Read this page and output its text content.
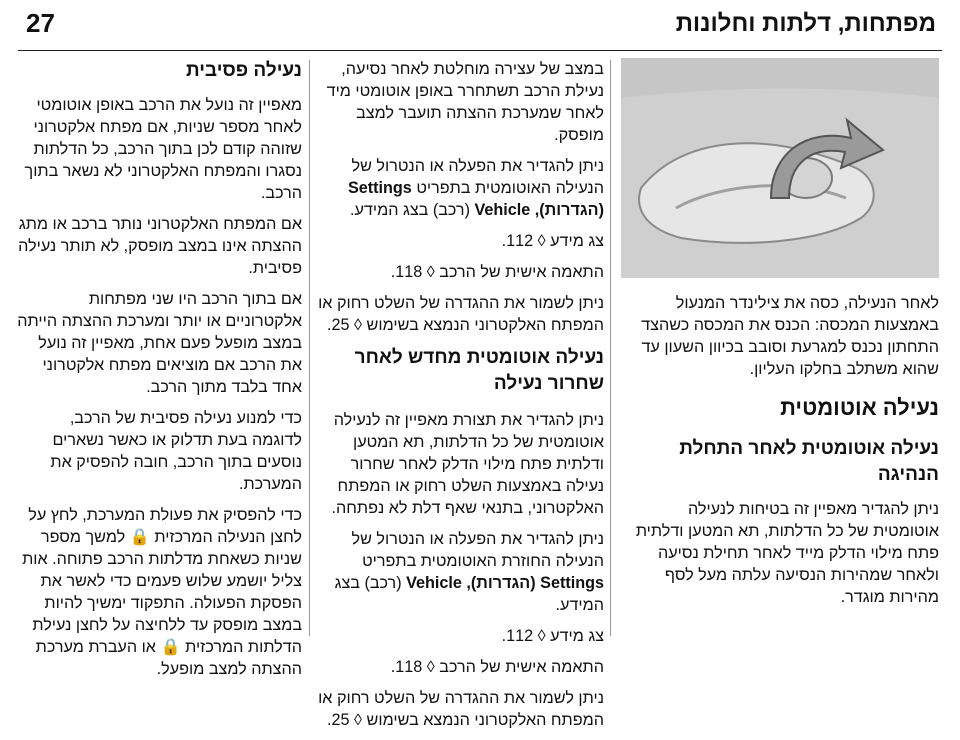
27	מפתחות, דלתות וחלונות

לאחר הנעילה, כסה את צילינדר המנעול באמצעות המכסה: הכנס את המכסה כשהצד התחתון נכנס למגרעת וסובב בכיוון השעון עד שהוא משתלב בחלקו העליון.

נעילה אוטומטית
נעילה אוטומטית לאחר התחלת הנהיגה

ניתן להגדיר מאפיין זה בטיחות לנעילה אוטומטית של כל הדלתות, תא המטען ודלתית פתח מילוי הדלק מייד לאחר תחילת נסיעה ולאחר שמהירות הנסיעה עלתה מעל לסף מהירות מוגדר.

במצב של עצירה מוחלטת לאחר נסיעה, נעילת הרכב תשתחרר באופן אוטומטי מיד לאחר שמערכת ההצתה תועבר למצב מופסק.

ניתן להגדיר את הפעלה או הנטרול של הנעילה האוטומטית בתפריט Settings (הגדרות), Vehicle (רכב) בצג המידע.

צג מידע ◊ 112.

התאמה אישית של הרכב ◊ 118.

ניתן לשמור את ההגדרה של השלט רחוק או המפתח האלקטרוני הנמצא בשימוש ◊ 25.

נעילה אוטומטית מחדש לאחר שחרור נעילה

ניתן להגדיר את תצורת מאפיין זה לנעילה אוטומטית של כל הדלתות, תא המטען ודלתית פתח מילוי הדלק לאחר שחרור נעילה באמצעות השלט רחוק או המפתח האלקטרוני, בתנאי שאף דלת לא נפתחה.

ניתן להגדיר את הפעלה או הנטרול של הנעילה החוזרת האוטומטית בתפריט Settings (הגדרות), Vehicle (רכב) בצג המידע.

צג מידע ◊ 112.

התאמה אישית של הרכב ◊ 118.

ניתן לשמור את ההגדרה של השלט רחוק או המפתח האלקטרוני הנמצא בשימוש ◊ 25.

נעילה פסיבית

מאפיין זה נועל את הרכב באופן אוטומטי לאחר מספר שניות, אם מפתח אלקטרוני שזוהה קודם לכן בתוך הרכב, כל הדלתות נסגרו והמפתח האלקטרוני לא נשאר בתוך הרכב.

אם המפתח האלקטרוני נותר ברכב או מתג ההצתה אינו במצב מופסק, לא תותר נעילה פסיבית.

אם בתוך הרכב היו שני מפתחות אלקטרוניים או יותר ומערכת ההצתה הייתה במצב מופעל פעם אחת, מאפיין זה נועל את הרכב אם מוציאים מפתח אלקטרוני אחד בלבד מתוך הרכב.

כדי למנוע נעילה פסיבית של הרכב, לדוגמה בעת תדלוק או כאשר נשארים נוסעים בתוך הרכב, חובה להפסיק את המערכת.

כדי להפסיק את פעולת המערכת, לחץ על לחצן הנעילה המרכזית 🔒 למשך מספר שניות כשאחת מדלתות הרכב פתוחה. אות צליל יושמע שלוש פעמים כדי לאשר את הפסקת הפעולה. התפקוד ימשיך להיות במצב מופסק עד ללחיצה על לחצן נעילת הדלתות המרכזית 🔒 או העברת מערכת ההצתה למצב מופעל.
